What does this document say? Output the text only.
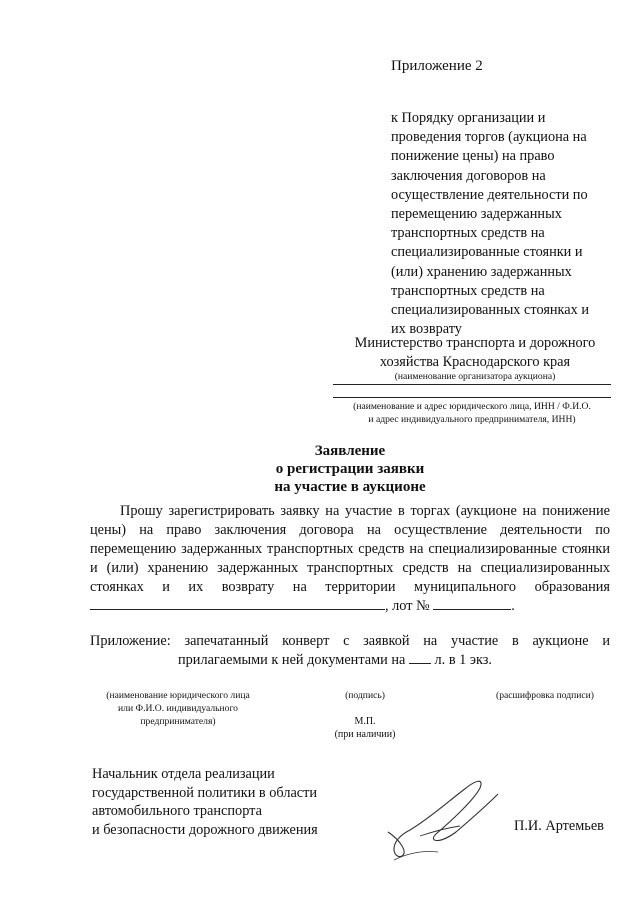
Приложение 2
к Порядку организации и
проведения торгов (аукциона на
понижение цены) на право
заключения договоров на
осуществление деятельности по
перемещению задержанных
транспортных средств на
специализированные стоянки и
(или) хранению задержанных
транспортных средств на
специализированных стоянках и
их возврату
Министерство транспорта и дорожного
хозяйства Краснодарского края
(наименование организатора аукциона)
(наименование и адрес юридического лица, ИНН / Ф.И.О.
и адрес индивидуального предпринимателя, ИНН)
Заявление
о регистрации заявки
на участие в аукционе

Прошу зарегистрировать заявку на участие в торгах (аукционе на понижение цены) на право заключения договора на осуществление деятельности по перемещению задержанных транспортных средств на специализированные стоянки и (или) хранению задержанных транспортных средств на специализированных стоянках и их возврату на территории муниципального образования , лот №	.

Приложение: запечатанный конверт с заявкой на участие в аукционе и
прилагаемыми к ней документами на л. в 1 экз.
(наименование юридического лица
или Ф.И.О. индивидуального
предпринимателя)
(подпись)	(расшифровка подписи)
М.П.
(при наличии)
Начальник отдела реализации
государственной политики в области
автомобильного транспорта
и безопасности дорожного движения	П.И. Артемьев
